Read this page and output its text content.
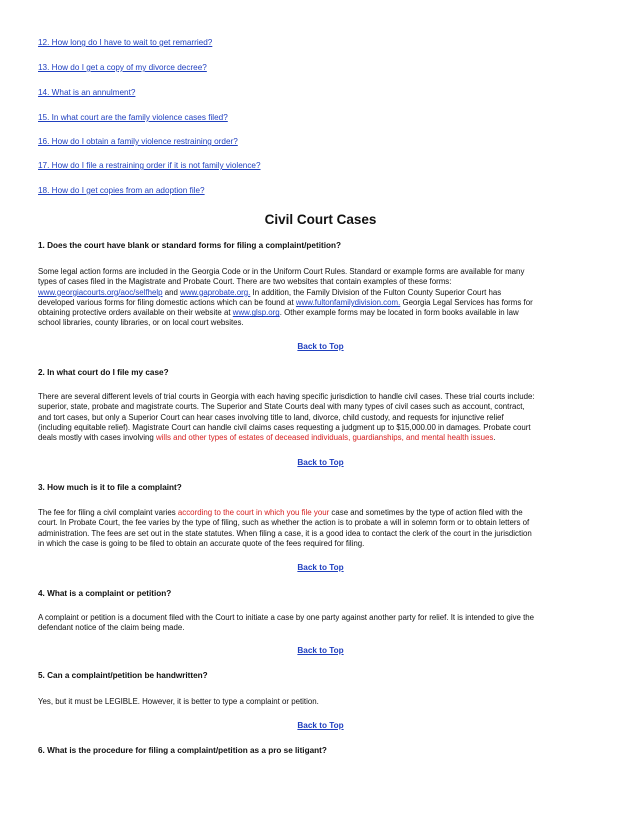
12. How long do I have to wait to get remarried?
13. How do I get a copy of my divorce decree?
14. What is an annulment?
15. In what court are the family violence cases filed?
16. How do I obtain a family violence restraining order?
17. How do I file a restraining order if it is not family violence?
18. How do I get copies from an adoption file?
Civil Court Cases
1. Does the court have blank or standard forms for filing a complaint/petition?
Some legal action forms are included in the Georgia Code or in the Uniform Court Rules. Standard or example forms are available for many
types of cases filed in the Magistrate and Probate Court. There are two websites that contain examples of these forms:
www.georgiacourts.org/aoc/selfhelp and www.gaprobate.org. In addition, the Family Division of the Fulton County Superior Court has
developed various forms for filing domestic actions which can be found at www.fultonfamilydivision.com. Georgia Legal Services has forms for
obtaining protective orders available on their website at www.glsp.org. Other example forms may be located in form books available in law
school libraries, county libraries, or on local court websites.
Back to Top
2. In what court do I file my case?
There are several different levels of trial courts in Georgia with each having specific jurisdiction to handle civil cases. These trial courts include:
superior, state, probate and magistrate courts. The Superior and State Courts deal with many types of civil cases such as account, contract,
and tort cases, but only a Superior Court can hear cases involving title to land, divorce, child custody, and requests for injunctive relief
(including equitable relief). Magistrate Court can handle civil claims cases requesting a judgment up to $15,000.00 in damages. Probate court
deals mostly with cases involving wills and other types of estates of deceased individuals, guardianships, and mental health issues.
Back to Top
3. How much is it to file a complaint?
The fee for filing a civil complaint varies according to the court in which you file your case and sometimes by the type of action filed with the
court. In Probate Court, the fee varies by the type of filing, such as whether the action is to probate a will in solemn form or to obtain letters of
administration. The fees are set out in the state statutes. When filing a case, it is a good idea to contact the clerk of the court in the jurisdiction
in which the case is going to be filed to obtain an accurate quote of the fees required for filing.
Back to Top
4. What is a complaint or petition?
A complaint or petition is a document filed with the Court to initiate a case by one party against another party for relief. It is intended to give the
defendant notice of the claim being made.
Back to Top
5. Can a complaint/petition be handwritten?
Yes, but it must be LEGIBLE. However, it is better to type a complaint or petition.
Back to Top
6. What is the procedure for filing a complaint/petition as a pro se litigant?
